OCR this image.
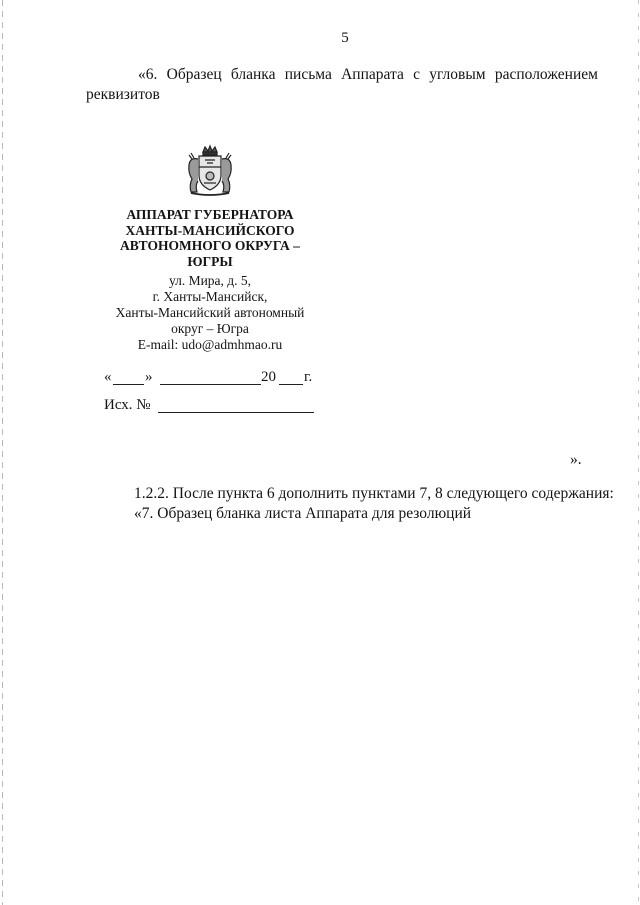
5
«6. Образец бланка письма Аппарата с угловым расположением
реквизитов
АППАРАТ ГУБЕРНАТОРА
ХАНТЫ-МАНСИЙСКОГО
АВТОНОМНОГО ОКРУГА – ЮГРЫ
ул. Мира, д. 5,
г. Ханты-Мансийск,
Ханты-Мансийский автономный
округ – Югра
E-mail: udo@admhmao.ru
« »	20 г.
Исх. №
».
1.2.2. После пункта 6 дополнить пунктами 7, 8 следующего содержания:
«7. Образец бланка листа Аппарата для резолюций
